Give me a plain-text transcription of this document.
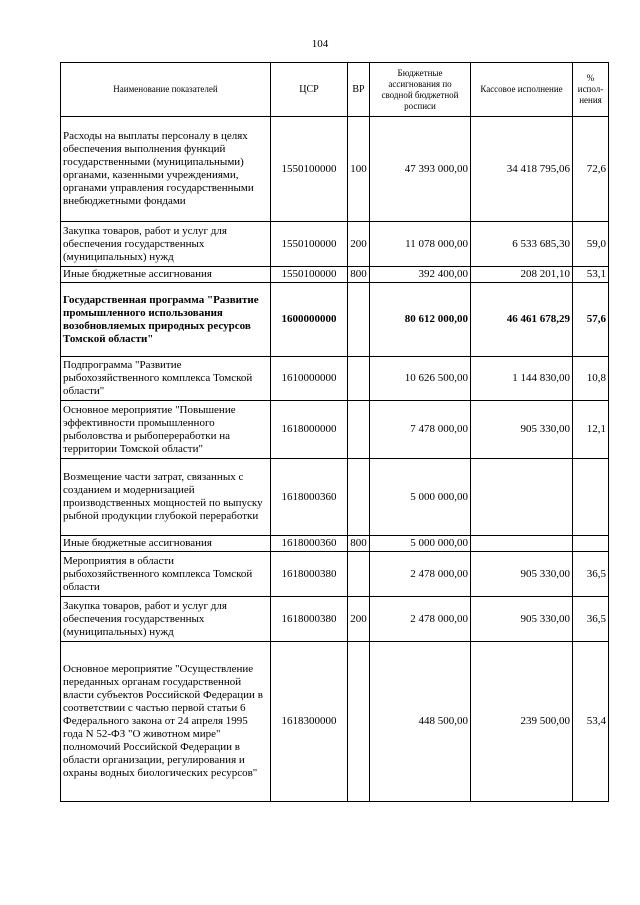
104
Наименование показателей	ЦСР	ВР	Бюджетные ассигнования по сводной бюджетной росписи	Кассовое исполнение	% испол-нения
Расходы на выплаты персоналу в целях обеспечения выполнения функций государственными (муниципальными) органами, казенными учреждениями, органами управления государственными внебюджетными фондами	1550100000	100	47 393 000,00	34 418 795,06	72,6
Закупка товаров, работ и услуг для обеспечения государственных (муниципальных) нужд	1550100000	200	11 078 000,00	6 533 685,30	59,0
Иные бюджетные ассигнования	1550100000	800	392 400,00	208 201,10	53,1
Государственная программа "Развитие промышленного использования возобновляемых природных ресурсов Томской области"	1600000000		80 612 000,00	46 461 678,29	57,6
Подпрограмма "Развитие рыбохозяйственного комплекса Томской области"	1610000000		10 626 500,00	1 144 830,00	10,8
Основное мероприятие "Повышение эффективности промышленного рыболовства и рыбопереработки на территории Томской области"	1618000000		7 478 000,00	905 330,00	12,1
Возмещение части затрат, связанных с созданием и модернизацией производственных мощностей по выпуску рыбной продукции глубокой переработки	1618000360		5 000 000,00		
Иные бюджетные ассигнования	1618000360	800	5 000 000,00		
Мероприятия в области рыбохозяйственного комплекса Томской области	1618000380		2 478 000,00	905 330,00	36,5
Закупка товаров, работ и услуг для обеспечения государственных (муниципальных) нужд	1618000380	200	2 478 000,00	905 330,00	36,5
Основное мероприятие "Осуществление переданных органам государственной власти субъектов Российской Федерации в соответствии с частью первой статьи 6 Федерального закона от 24 апреля 1995 года N 52-ФЗ "О животном мире" полномочий Российской Федерации в области организации, регулирования и охраны водных биологических ресурсов"	1618300000		448 500,00	239 500,00	53,4
